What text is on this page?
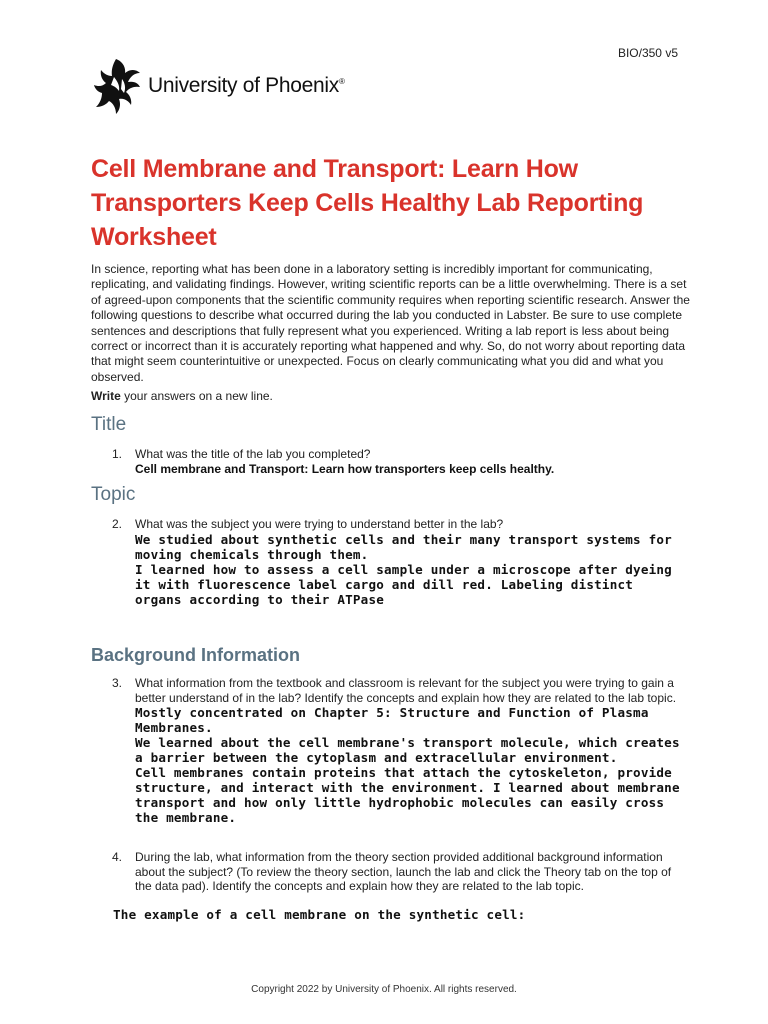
BIO/350 v5
University of Phoenix®
Cell Membrane and Transport: Learn How Transporters Keep Cells Healthy Lab Reporting Worksheet

In science, reporting what has been done in a laboratory setting is incredibly important for communicating, replicating, and validating findings. However, writing scientific reports can be a little overwhelming. There is a set of agreed-upon components that the scientific community requires when reporting scientific research. Answer the following questions to describe what occurred during the lab you conducted in Labster. Be sure to use complete sentences and descriptions that fully represent what you experienced. Writing a lab report is less about being correct or incorrect than it is accurately reporting what happened and why. So, do not worry about reporting data that might seem counterintuitive or unexpected. Focus on clearly communicating what you did and what you observed.

Write your answers on a new line.

Title
1. What was the title of the lab you completed?
Cell membrane and Transport: Learn how transporters keep cells healthy.
Topic
2. What was the subject you were trying to understand better in the lab?
We studied about synthetic cells and their many transport systems for moving chemicals through them.
I learned how to assess a cell sample under a microscope after dyeing it with fluorescence label cargo and dill red. Labeling distinct organs according to their ATPase
Background Information
3. What information from the textbook and classroom is relevant for the subject you were trying to gain a better understand of in the lab? Identify the concepts and explain how they are related to the lab topic.
Mostly concentrated on Chapter 5: Structure and Function of Plasma Membranes.
We learned about the cell membrane's transport molecule, which creates a barrier between the cytoplasm and extracellular environment.
Cell membranes contain proteins that attach the cytoskeleton, provide structure, and interact with the environment. I learned about membrane transport and how only little hydrophobic molecules can easily cross the membrane.
4. During the lab, what information from the theory section provided additional background information about the subject? (To review the theory section, launch the lab and click the Theory tab on the top of the data pad). Identify the concepts and explain how they are related to the lab topic.
The example of a cell membrane on the synthetic cell:
Copyright 2022 by University of Phoenix. All rights reserved.
